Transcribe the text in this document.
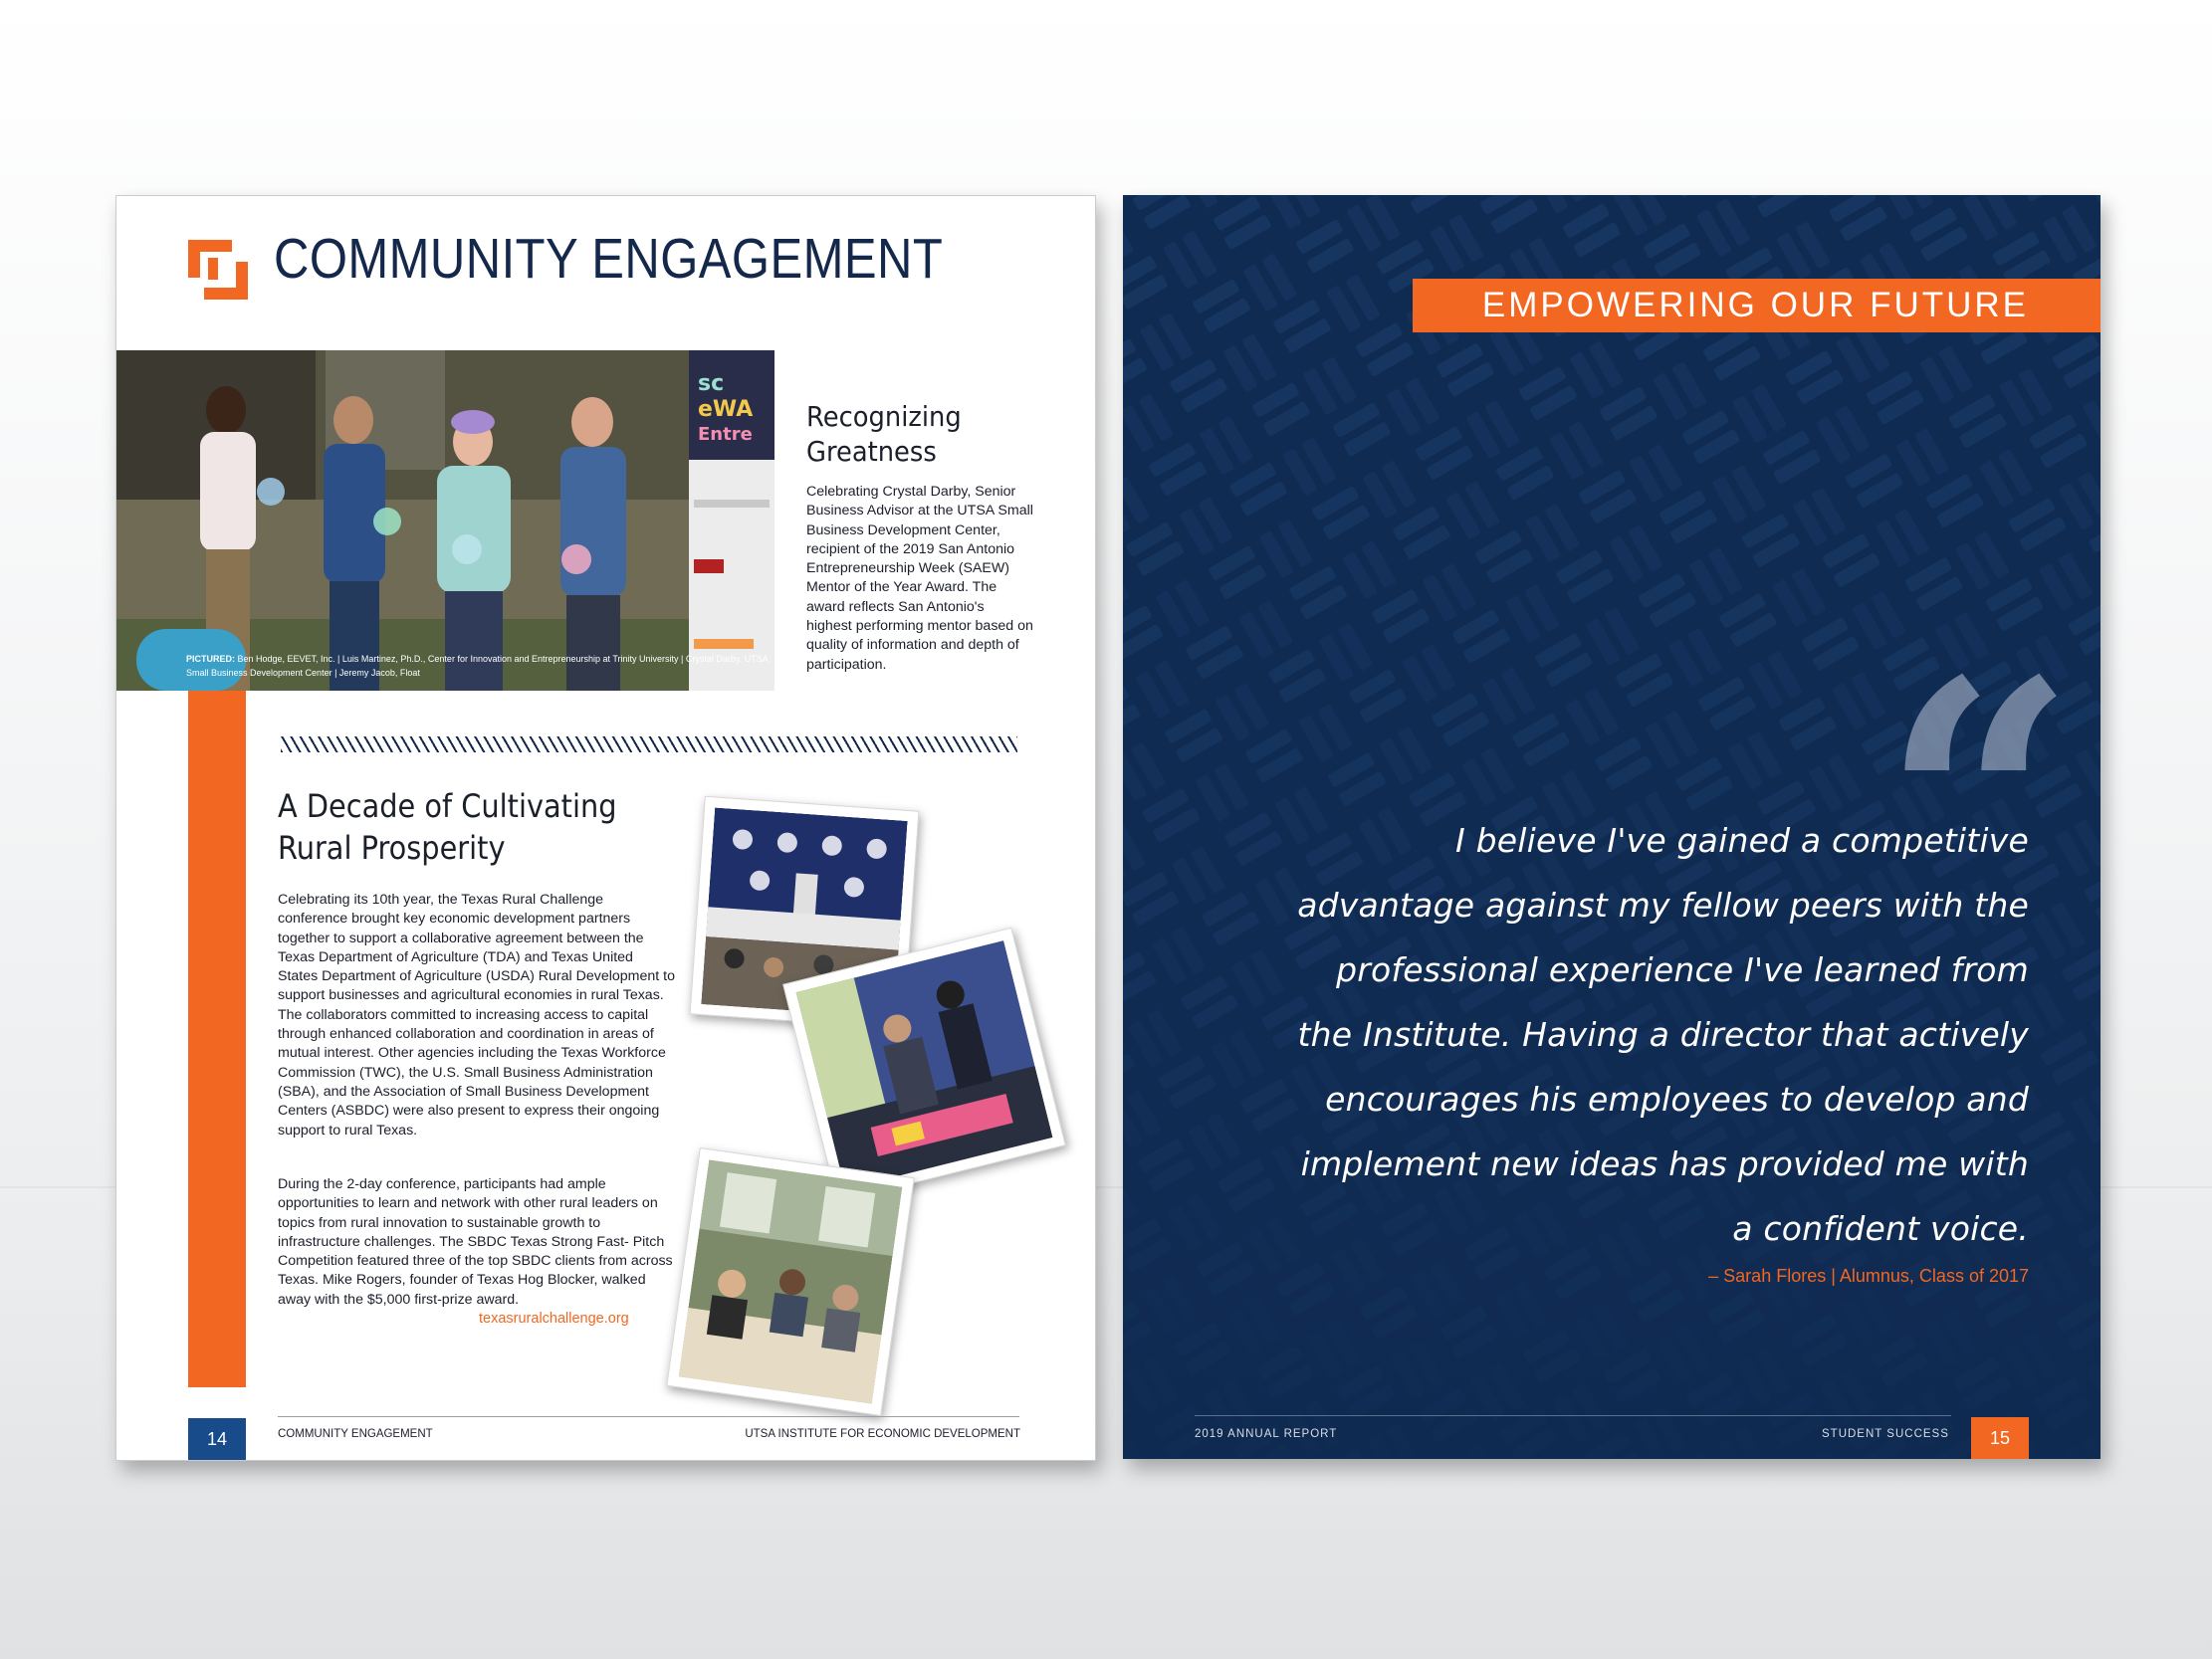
COMMUNITY ENGAGEMENT
sc
eWA
Entre
PICTURED: Ben Hodge, EEVET, Inc. | Luis Martinez, Ph.D., Center for Innovation and Entrepreneurship at Trinity University | Crystal Darby, UTSA Small Business Development Center | Jeremy Jacob, Float
Recognizing Greatness

Celebrating Crystal Darby, Senior Business Advisor at the UTSA Small Business Development Center, recipient of the 2019 San Antonio Entrepreneurship Week (SAEW) Mentor of the Year Award. The award reflects San Antonio's highest performing mentor based on quality of information and depth of participation.

A Decade of Cultivating Rural Prosperity

Celebrating its 10th year, the Texas Rural Challenge conference brought key economic development partners together to support a collaborative agreement between the Texas Department of Agriculture (TDA) and Texas United States Department of Agriculture (USDA) Rural Development to support businesses and agricultural economies in rural Texas. The collaborators committed to increasing access to capital through enhanced collaboration and coordination in areas of mutual interest. Other agencies including the Texas Workforce Commission (TWC), the U.S. Small Business Administration (SBA), and the Association of Small Business Development Centers (ASBDC) were also present to express their ongoing support to rural Texas.

During the 2-day conference, participants had ample opportunities to learn and network with other rural leaders on topics from rural innovation to sustainable growth to infrastructure challenges. The SBDC Texas Strong Fast- Pitch Competition featured three of the top SBDC clients from across Texas. Mike Rogers, founder of Texas Hog Blocker, walked away with the $5,000 first-prize award.

texasruralchallenge.org
14	COMMUNITY ENGAGEMENT	UTSA INSTITUTE FOR ECONOMIC DEVELOPMENT
EMPOWERING OUR FUTURE
“

I believe I've gained a competitive advantage against my fellow peers with the professional experience I've learned from the Institute. Having a director that actively encourages his employees to develop and implement new ideas has provided me with a confident voice.

– Sarah Flores | Alumnus, Class of 2017
2019 ANNUAL REPORT	STUDENT SUCCESS	15
